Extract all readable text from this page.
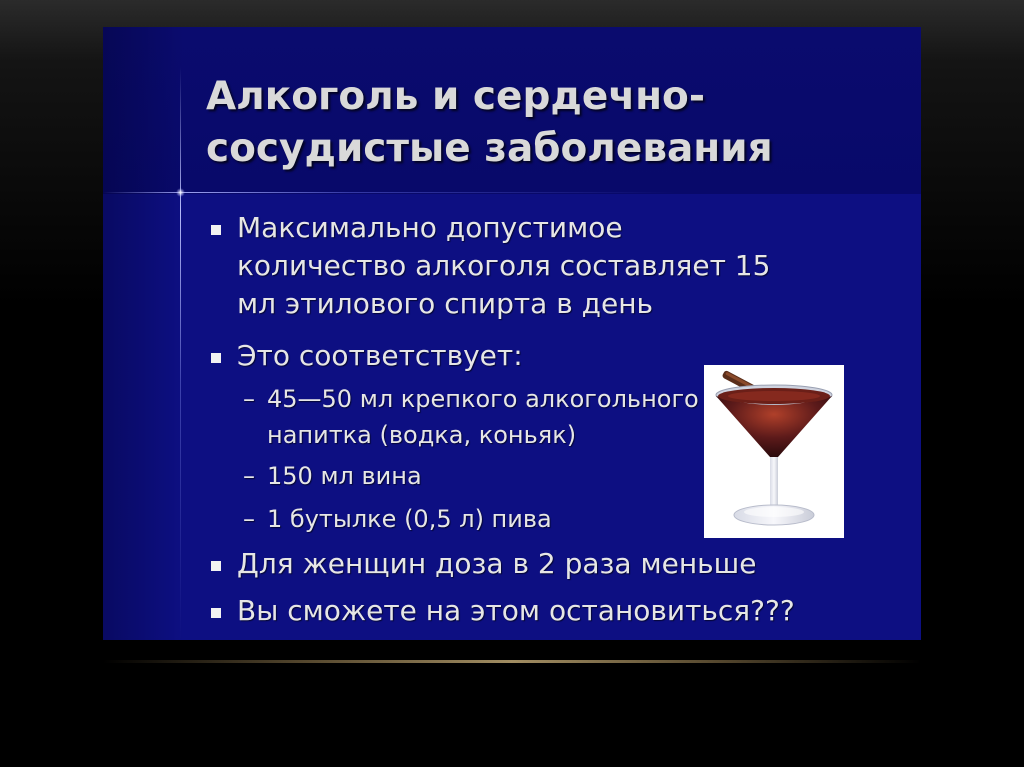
Алкоголь и сердечно-
сосудистые заболевания
Максимально допустимое
количество алкоголя составляет 15
мл этилового спирта в день
Это соответствует:
– 45—50 мл крепкого алкогольного
напитка (водка, коньяк)
– 150 мл вина
– 1 бутылке (0,5 л) пива
Для женщин доза в 2 раза меньше
Вы сможете на этом остановиться???
